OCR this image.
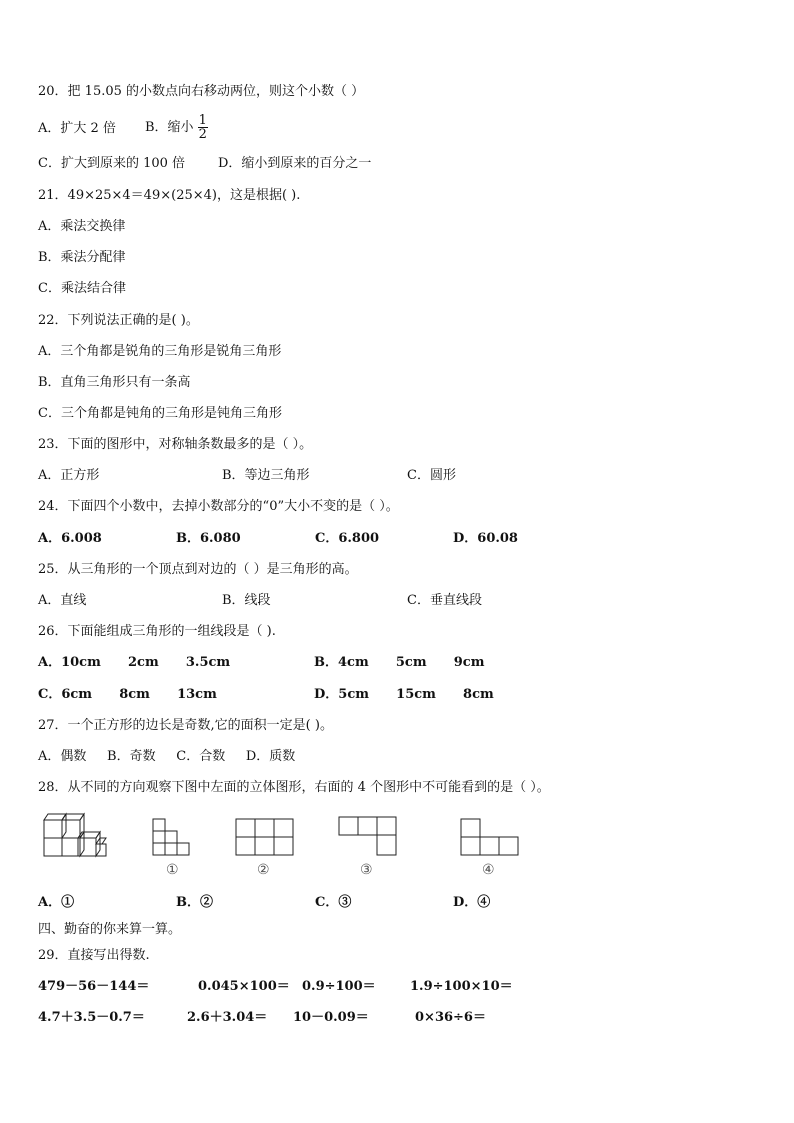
20．把 15.05 的小数点向右移动两位，则这个小数（ ）
A．扩大 2 倍 B．缩小 $\frac{1}{2}$
C．扩大到原来的 100 倍	D．缩小到原来的百分之一
21．49×25×4＝49×(25×4)，这是根据( ).
A．乘法交换律
B．乘法分配律
C．乘法结合律
22．下列说法正确的是( )。
A．三个角都是锐角的三角形是锐角三角形
B．直角三角形只有一条高
C．三个角都是钝角的三角形是钝角三角形
23．下面的图形中，对称轴条数最多的是（ ）。
A．正方形	B．等边三角形	C．圆形
24．下面四个小数中，去掉小数部分的“0”大小不变的是（ ）。
A．6.008	B．6.080	C．6.800	D．60.08
25．从三角形的一个顶点到对边的（ ）是三角形的高。
A．直线	B．线段	C．垂直线段
26．下面能组成三角形的一组线段是（ ).
A．10cm      2cm      3.5cm	B．4cm      5cm      9cm
C．6cm      8cm      13cm	D．5cm      15cm      8cm
27．一个正方形的边长是奇数,它的面积一定是( )。
A．偶数     B．奇数     C．合数     D．质数
28．从不同的方向观察下图中左面的立体图形，右面的 4 个图形中不可能看到的是（ ）。
①	②	③	④
A．①	B．②	C．③	D．④
四、勤奋的你来算一算。
29．直接写出得数.
479－56－144＝	0.045×100＝ 0.9÷100＝	1.9÷100×10＝
4.7＋3.5－0.7＝	2.6＋3.04＝ 10－0.09＝	0×36÷6＝
